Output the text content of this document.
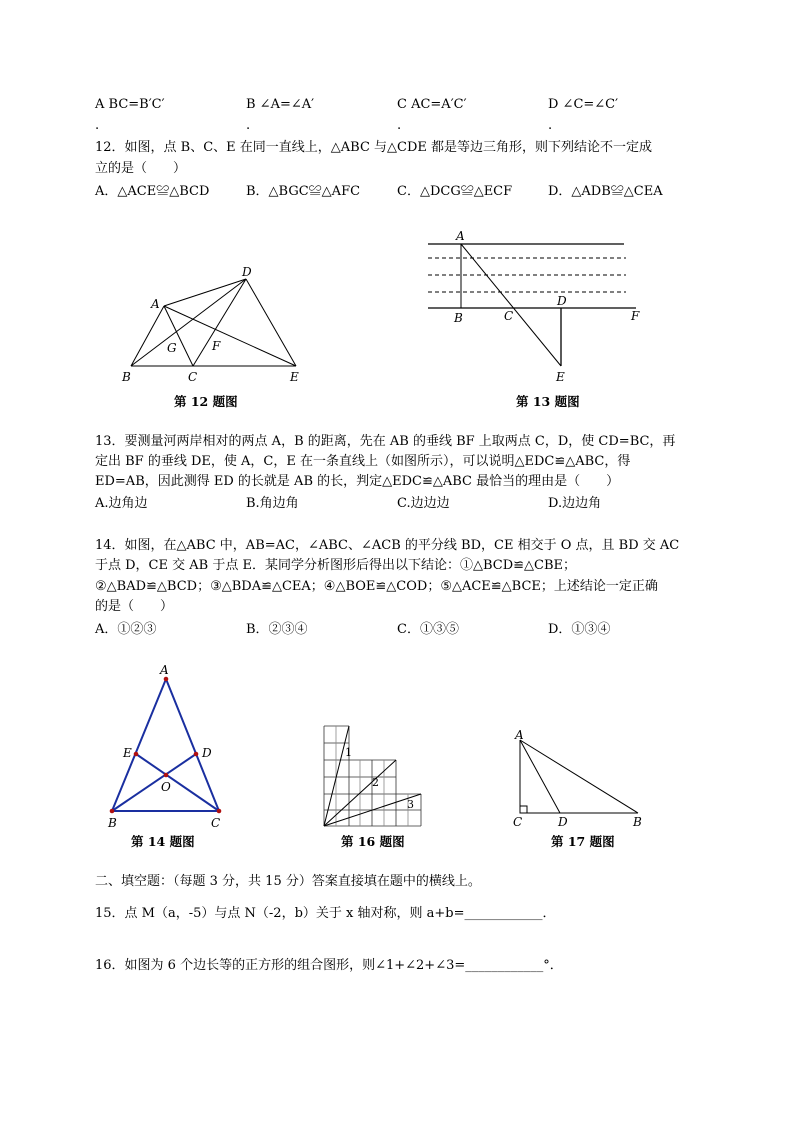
A BC=B′C′	B ∠A=∠A′	C AC=A′C′	D ∠C=∠C′
.	.	.	.
12．如图，点 B、C、E 在同一直线上，△ABC 与△CDE 都是等边三角形，则下列结论不一定成
立的是（　　）
A．△ACE≌△BCD	B．△BGC≌△AFC	C．△DCG≌△ECF	D．△ADB≌△CEA
A
D
B	C	E
G	F
第 12 题图
A
B	C
D
F
E
第 13 题图
13．要测量河两岸相对的两点 A，B 的距离，先在 AB 的垂线 BF 上取两点 C，D，使 CD=BC，再
定出 BF 的垂线 DE，使 A，C，E 在一条直线上（如图所示），可以说明△EDC≌△ABC，得
ED=AB，因此测得 ED 的长就是 AB 的长，判定△EDC≌△ABC 最恰当的理由是（　　）
A.边角边	B.角边角	C.边边边	D.边边角
14．如图，在△ABC 中，AB=AC，∠ABC、∠ACB 的平分线 BD，CE 相交于 O 点，且 BD 交 AC
于点 D，CE 交 AB 于点 E．某同学分析图形后得出以下结论：①△BCD≌△CBE；
②△BAD≌△BCD；③△BDA≌△CEA；④△BOE≌△COD；⑤△ACE≌△BCE；上述结论一定正确
的是（　　）
A．①②③	B．②③④	C．①③⑤	D．①③④
A
E	D
O
B	C
第 14 题图
1
2
3
第 16 题图
A
C	D	B
第 17 题图
二、填空题：（每题 3 分，共 15 分）答案直接填在题中的横线上。
15．点 M（a，-5）与点 N（-2，b）关于 x 轴对称，则 a+b=____________．
16．如图为 6 个边长等的正方形的组合图形，则∠1+∠2+∠3=____________°．
